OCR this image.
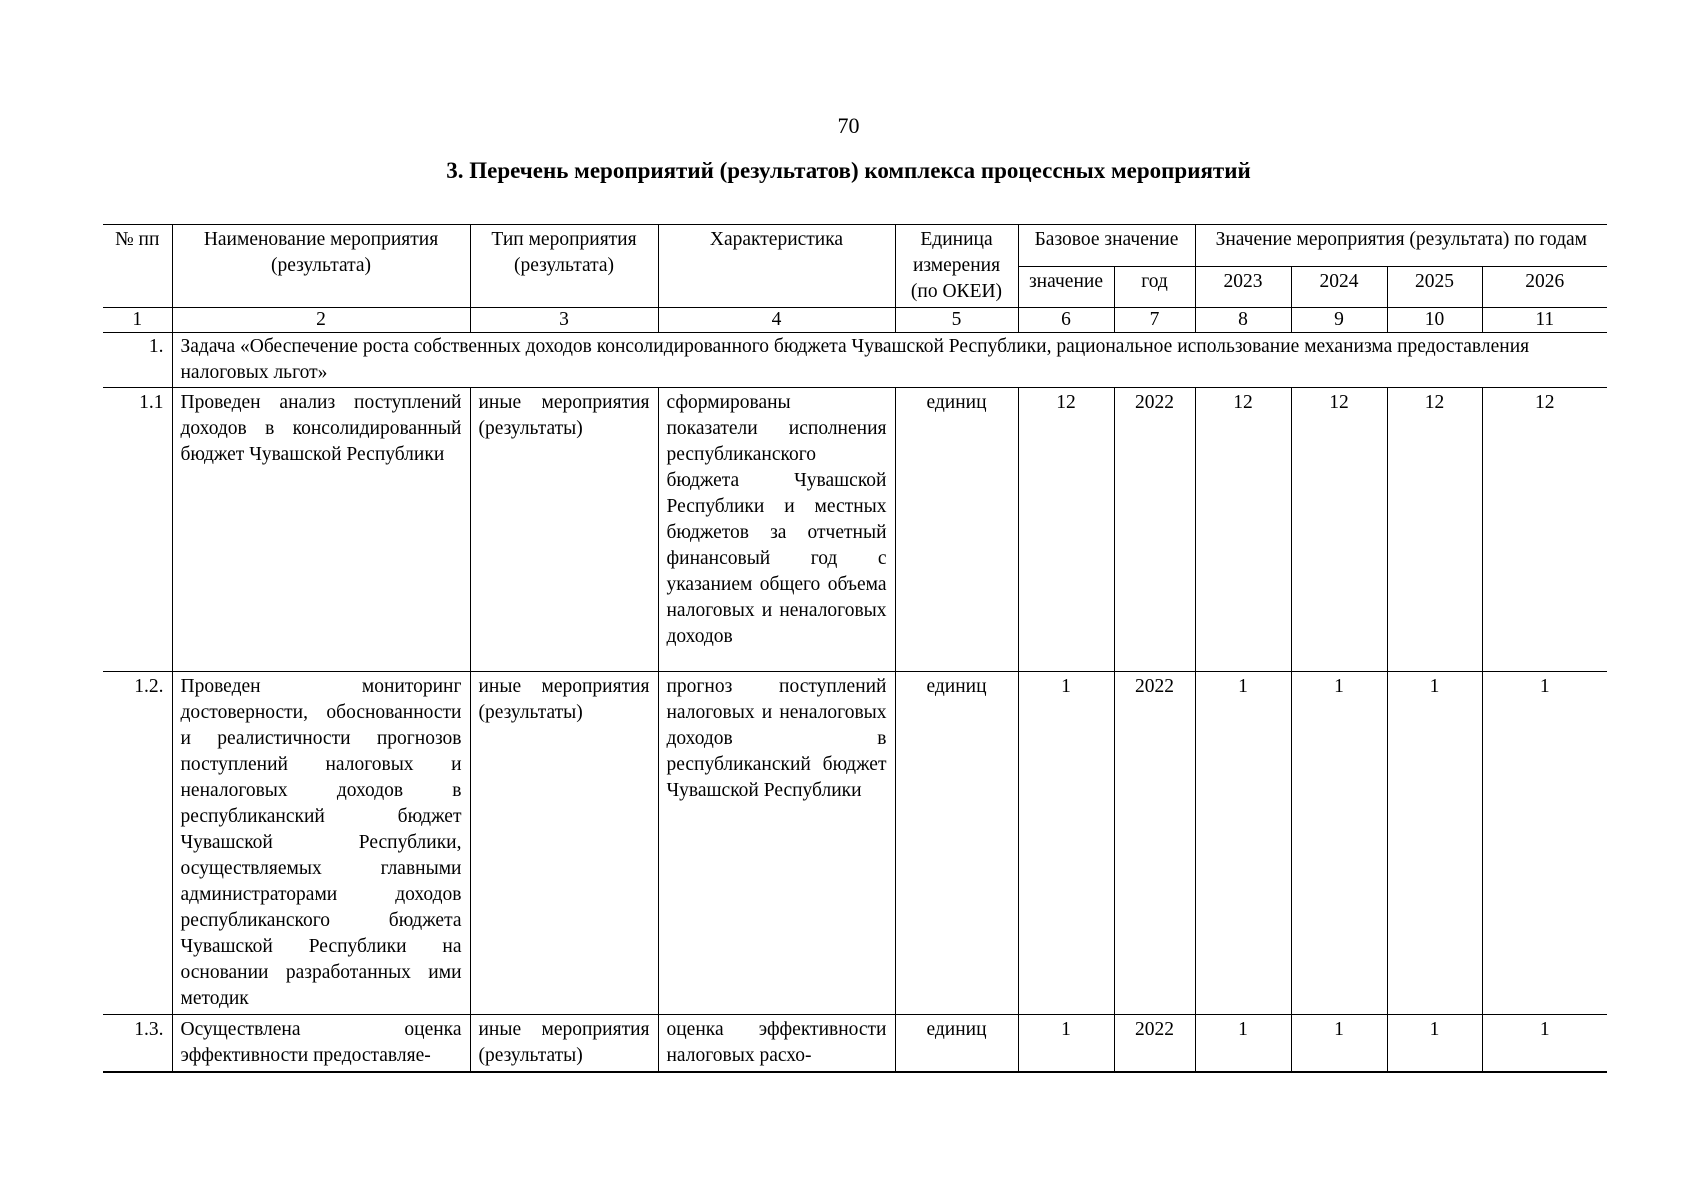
70
3. Перечень мероприятий (результатов) комплекса процессных мероприятий
№ пп	Наименование мероприятия (результата)	Тип мероприятия (результата)	Характеристика	Единица измерения (по ОКЕИ)	Базовое значение		Значение мероприятия (результата) по годам			
					значение	год	2023	2024	2025	2026
1	2	3	4	5	6	7	8	9	10	11
1.	Задача «Обеспечение роста собственных доходов консолидированного бюджета Чувашской Республики, рациональное использование механизма предоставления налоговых льгот»									
1.1	Проведен анализ поступлений доходов в консолидированный бюджет Чувашской Республики	иные мероприятия (результаты)	сформированы показатели исполнения республиканского бюджета Чувашской Республики и местных бюджетов за отчетный финансовый год с указанием общего объема налоговых и неналоговых доходов	единиц	12	2022	12	12	12	12
1.2.	Проведен мониторинг достоверности, обоснованности и реалистичности прогнозов поступлений налоговых и неналоговых доходов в республиканский бюджет Чувашской Республики, осуществляемых главными администраторами доходов республиканского бюджета Чувашской Республики на основании разработанных ими методик	иные мероприятия (результаты)	прогноз поступлений налоговых и неналоговых доходов в республиканский бюджет Чувашской Республики	единиц	1	2022	1	1	1	1
1.3.	Осуществлена оценка эффективности предоставляе-	иные мероприятия (результаты)	оценка эффективности налоговых расхо-	единиц	1	2022	1	1	1	1
